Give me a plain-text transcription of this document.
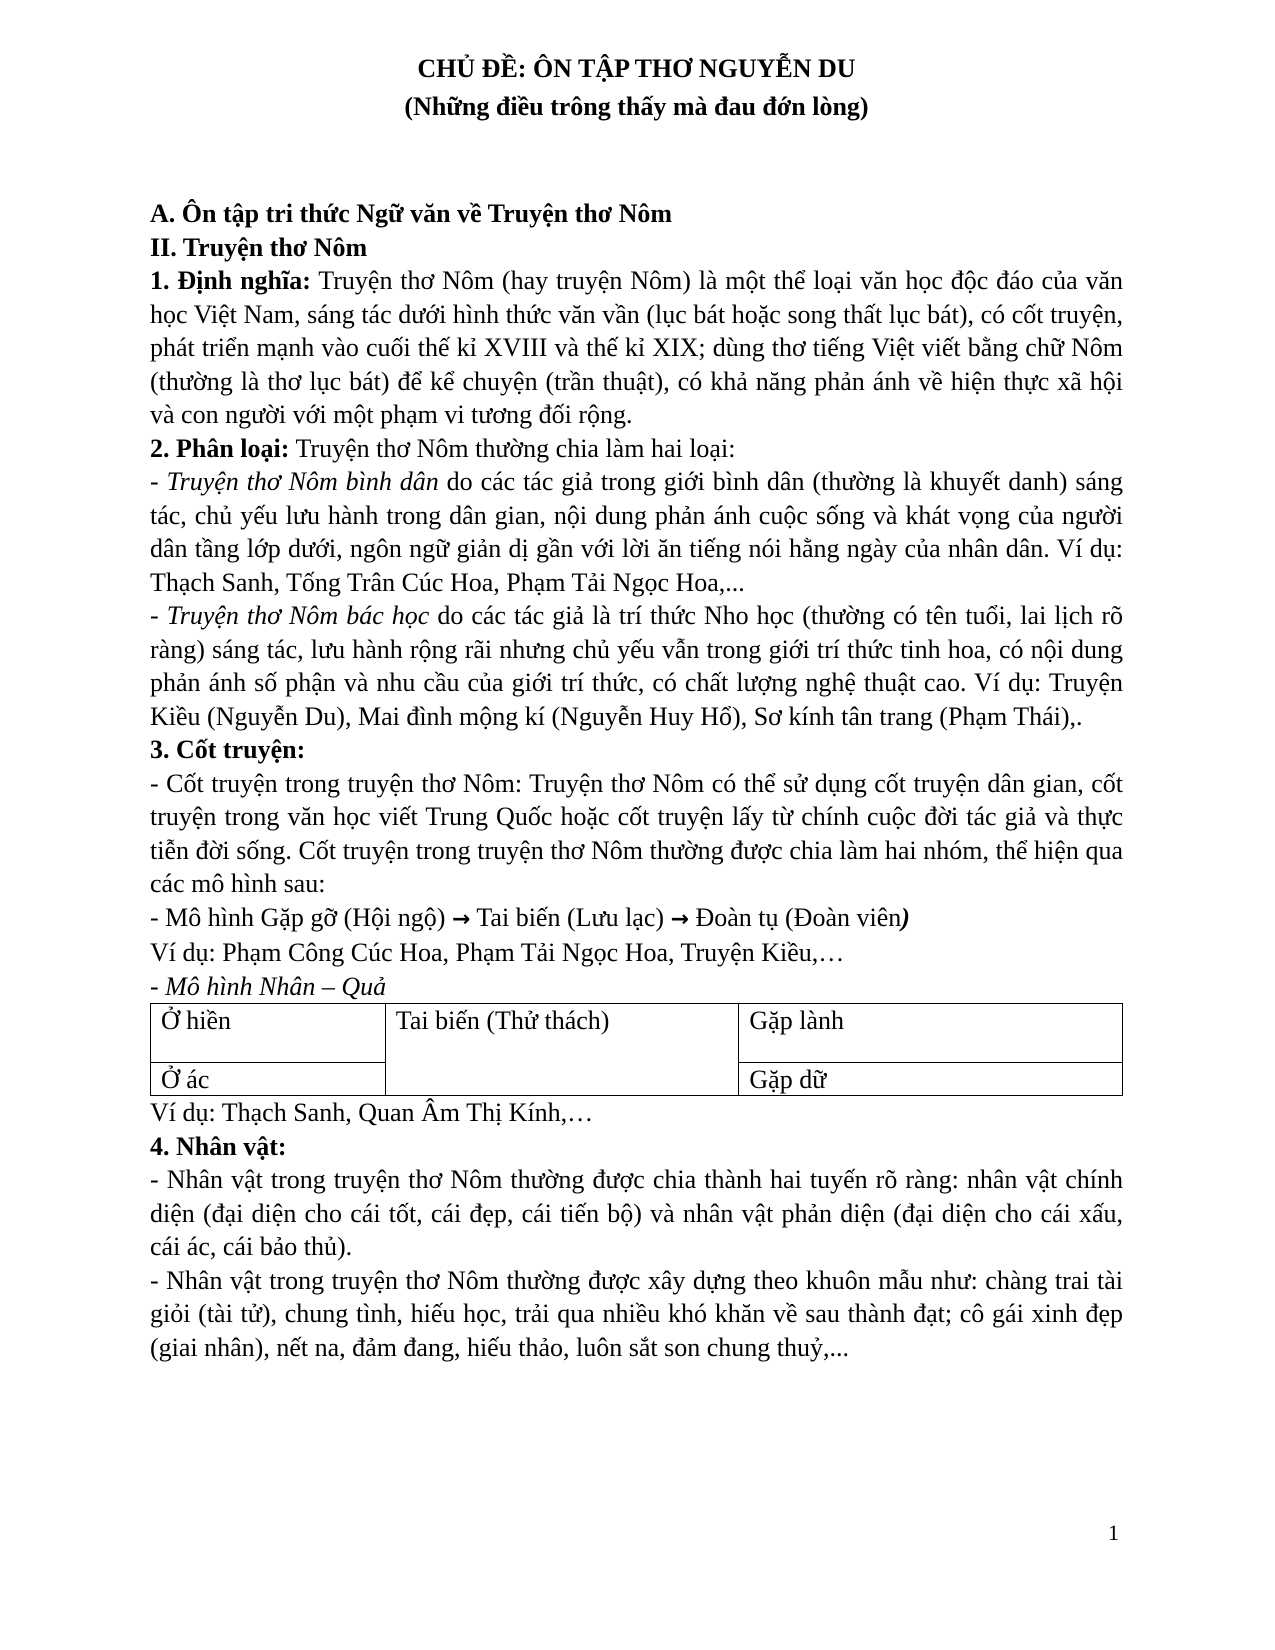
CHỦ ĐỀ: ÔN TẬP THƠ NGUYỄN DU

(Những điều trông thấy mà đau đớn lòng)

A. Ôn tập tri thức Ngữ văn về Truyện thơ Nôm

II. Truyện thơ Nôm

1. Định nghĩa: Truyện thơ Nôm (hay truyện Nôm) là một thể loại văn học độc đáo của văn học Việt Nam, sáng tác dưới hình thức văn vần (lục bát hoặc song thất lục bát), có cốt truyện, phát triển mạnh vào cuối thế kỉ XVIII và thế kỉ XIX; dùng thơ tiếng Việt viết bằng chữ Nôm (thường là thơ lục bát) để kể chuyện (trần thuật), có khả năng phản ánh về hiện thực xã hội và con người với một phạm vi tương đối rộng.

2. Phân loại: Truyện thơ Nôm thường chia làm hai loại:

- Truyện thơ Nôm bình dân do các tác giả trong giới bình dân (thường là khuyết danh) sáng tác, chủ yếu lưu hành trong dân gian, nội dung phản ánh cuộc sống và khát vọng của người dân tầng lớp dưới, ngôn ngữ giản dị gần với lời ăn tiếng nói hằng ngày của nhân dân. Ví dụ: Thạch Sanh, Tống Trân Cúc Hoa, Phạm Tải Ngọc Hoa,...

- Truyện thơ Nôm bác học do các tác giả là trí thức Nho học (thường có tên tuổi, lai lịch rõ ràng) sáng tác, lưu hành rộng rãi nhưng chủ yếu vẫn trong giới trí thức tinh hoa, có nội dung phản ánh số phận và nhu cầu của giới trí thức, có chất lượng nghệ thuật cao. Ví dụ: Truyện Kiều (Nguyễn Du), Mai đình mộng kí (Nguyễn Huy Hổ), Sơ kính tân trang (Phạm Thái),.

3. Cốt truyện:

- Cốt truyện trong truyện thơ Nôm: Truyện thơ Nôm có thể sử dụng cốt truyện dân gian, cốt truyện trong văn học viết Trung Quốc hoặc cốt truyện lấy từ chính cuộc đời tác giả và thực tiễn đời sống. Cốt truyện trong truyện thơ Nôm thường được chia làm hai nhóm, thể hiện qua các mô hình sau:

- Mô hình Gặp gỡ (Hội ngộ) → Tai biến (Lưu lạc) → Đoàn tụ (Đoàn viên)

Ví dụ: Phạm Công Cúc Hoa, Phạm Tải Ngọc Hoa, Truyện Kiều,…

- Mô hình Nhân – Quả

Ở hiền	Tai biến (Thử thách)	Gặp lành
Ở ác		Gặp dữ

Ví dụ: Thạch Sanh, Quan Âm Thị Kính,…

4. Nhân vật:

- Nhân vật trong truyện thơ Nôm thường được chia thành hai tuyến rõ ràng: nhân vật chính diện (đại diện cho cái tốt, cái đẹp, cái tiến bộ) và nhân vật phản diện (đại diện cho cái xấu, cái ác, cái bảo thủ).

- Nhân vật trong truyện thơ Nôm thường được xây dựng theo khuôn mẫu như: chàng trai tài giỏi (tài tử), chung tình, hiếu học, trải qua nhiều khó khăn về sau thành đạt; cô gái xinh đẹp (giai nhân), nết na, đảm đang, hiếu thảo, luôn sắt son chung thuỷ,...

1
